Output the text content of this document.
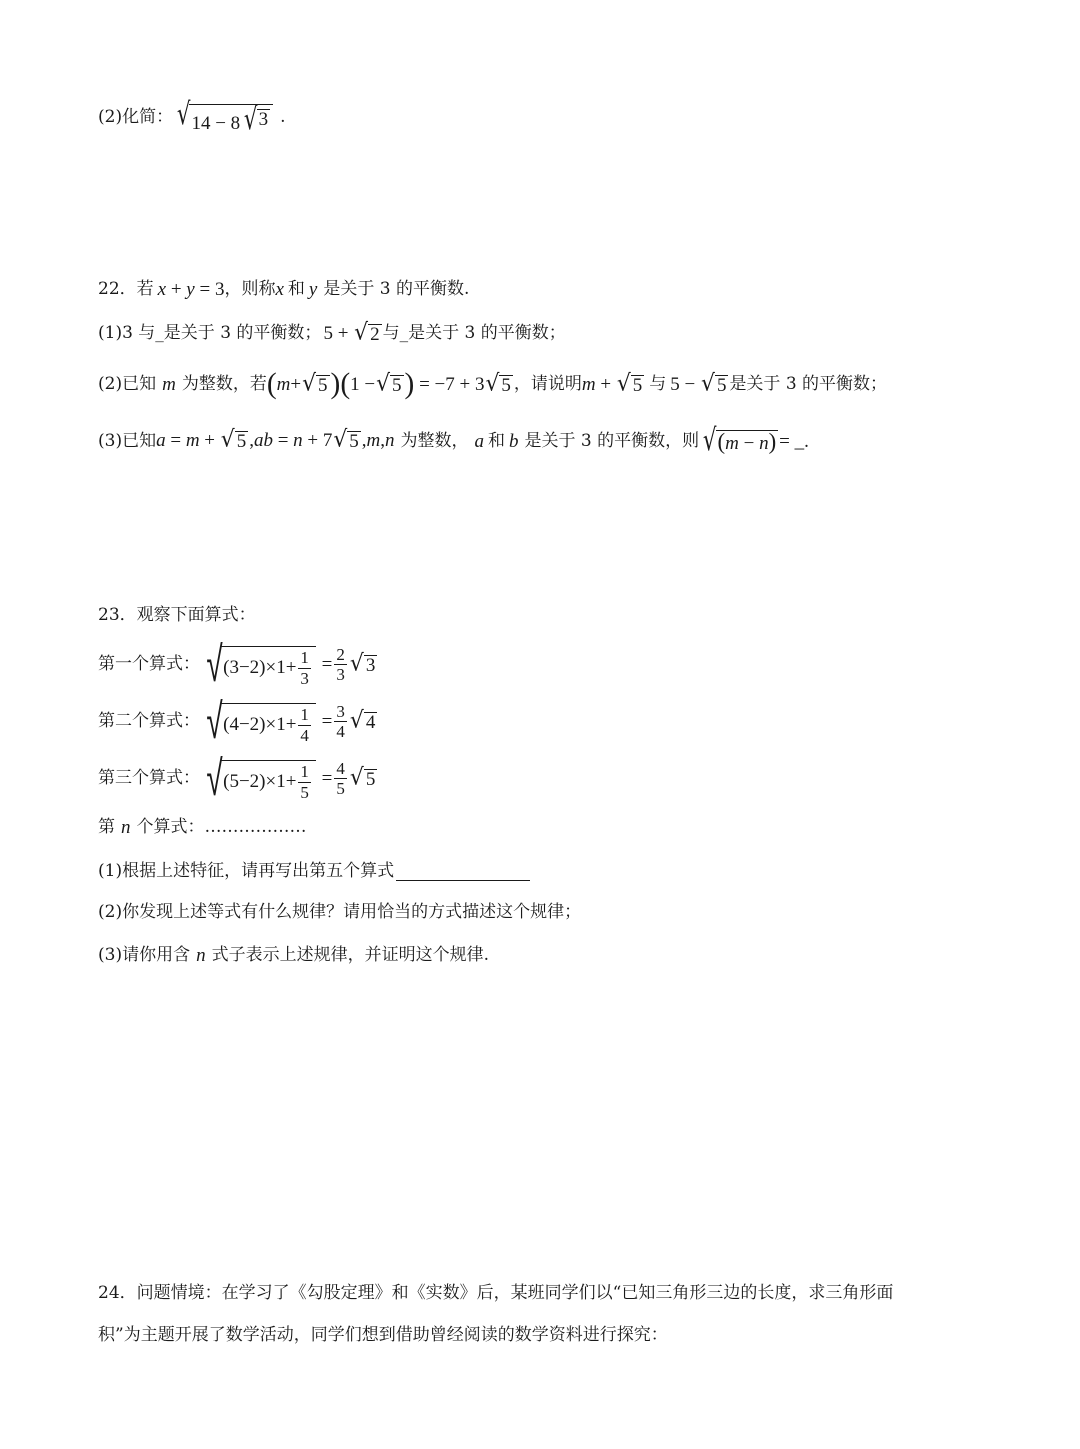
(2)化简： √ 14 − 8 √ 3 .
22．若 x + y = 3 ，则称 x 和 y 是关于 3 的平衡数.
(1)3 与_是关于 3 的平衡数； 5 + √ 2 与_是关于 3 的平衡数；
(2)已知 m 为整数，若 ( m + √ 5 ) ( 1 − √ 5 ) = −7 + 3 √ 5 ，请说明 m + √ 5 与 5 − √ 5 是关于 3 的平衡数；
(3)已知 a = m + √ 5 ,ab = n + 7 √ 5 ,m,n 为整数， a 和 b 是关于 3 的平衡数，则 √ (m − n) = _.
23．观察下面算式：
第一个算式： √ ( 3 − 2 )× $1 + \frac{1}{3} = \frac{2}{3}$ √ 3
第二个算式： √ ( 4 − 2 )× $1 + \frac{1}{4} = \frac{3}{4}$ √ 4
第三个算式： √ ( 5 − 2 )× $1 + \frac{1}{5} = \frac{4}{5}$ √ 5
第 n 个算式：………………
(1)根据上述特征，请再写出第五个算式
(2)你发现上述等式有什么规律？请用恰当的方式描述这个规律；
(3)请你用含 n 式子表示上述规律，并证明这个规律.
24．问题情境：在学习了《勾股定理》和《实数》后，某班同学们以“已知三角形三边的长度，求三角形面
积”为主题开展了数学活动，同学们想到借助曾经阅读的数学资料进行探究：
